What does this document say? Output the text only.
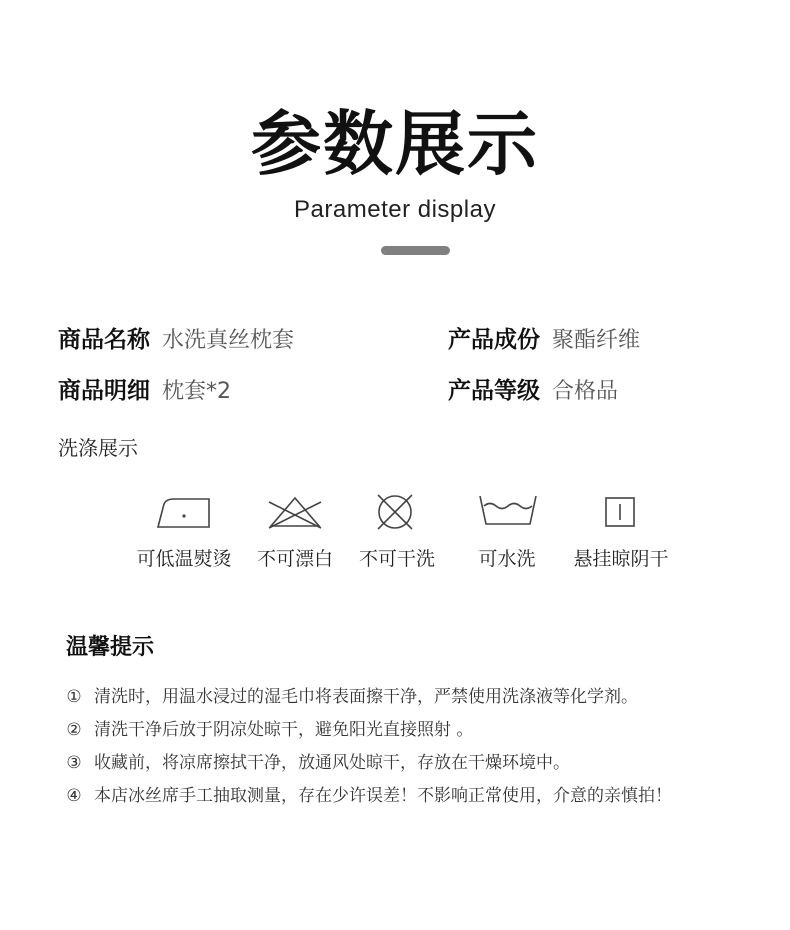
参数展示
Parameter display
商品名称 水洗真丝枕套	产品成份 聚酯纤维
商品明细 枕套*2	产品等级 合格品
洗涤展示
可低温熨烫	不可漂白	不可干洗	可水洗	悬挂晾阴干
温馨提示
① 清洗时，用温水浸过的湿毛巾将表面擦干净，严禁使用洗涤液等化学剂。
② 清洗干净后放于阴凉处晾干，避免阳光直接照射 。
③ 收藏前，将凉席擦拭干净，放通风处晾干，存放在干燥环境中。
④ 本店冰丝席手工抽取测量，存在少许误差！不影响正常使用，介意的亲慎拍！
